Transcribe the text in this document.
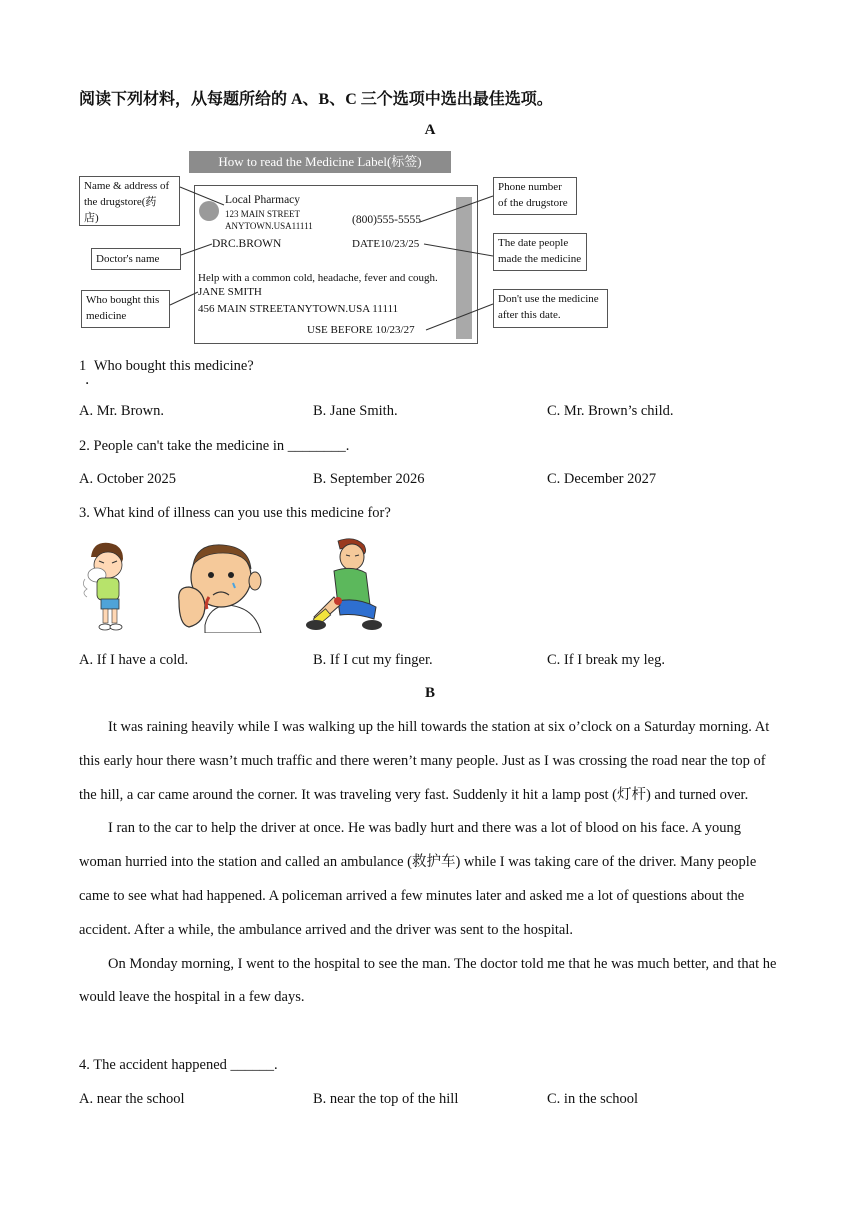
阅读下列材料，从每题所给的 A、B、C 三个选项中选出最佳选项。
A
How to read the Medicine Label(标签)
Local Pharmacy
123 MAIN STREET
ANYTOWN.USA11111	(800)555-5555
DRC.BROWN	DATE10/23/25
Help with a common cold, headache, fever and cough.
JANE SMITH
456 MAIN STREETANYTOWN.USA 11111
USE BEFORE 10/23/27
Name & address of
the drugstore(药
店)
Doctor's name
Who bought this
medicine
Phone number
of the drugstore
The date people
made the medicine
Don't use the medicine
after this date.
1 Who bought this medicine?
．
A. Mr. Brown.	B. Jane Smith.	C. Mr. Brown’s child.
2. People can't take the medicine in ________.
A. October 2025	B. September 2026	C. December 2027
3. What kind of illness can you use this medicine for?
A. If I have a cold.	B. If I cut my finger.	C. If I break my leg.
B

It was raining heavily while I was walking up the hill towards the station at six o’clock on a Saturday morning. At this early hour there wasn’t much traffic and there weren’t many people. Just as I was crossing the road near the top of the hill, a car came around the corner. It was traveling very fast. Suddenly it hit a lamp post (灯杆) and turned over.

I ran to the car to help the driver at once. He was badly hurt and there was a lot of blood on his face. A young woman hurried into the station and called an ambulance (救护车) while I was taking care of the driver. Many people came to see what had happened. A policeman arrived a few minutes later and asked me a lot of questions about the accident. After a while, the ambulance arrived and the driver was sent to the hospital.

On Monday morning, I went to the hospital to see the man. The doctor told me that he was much better, and that he would leave the hospital in a few days.

4. The accident happened ______.
A. near the school	B. near the top of the hill	C. in the school
